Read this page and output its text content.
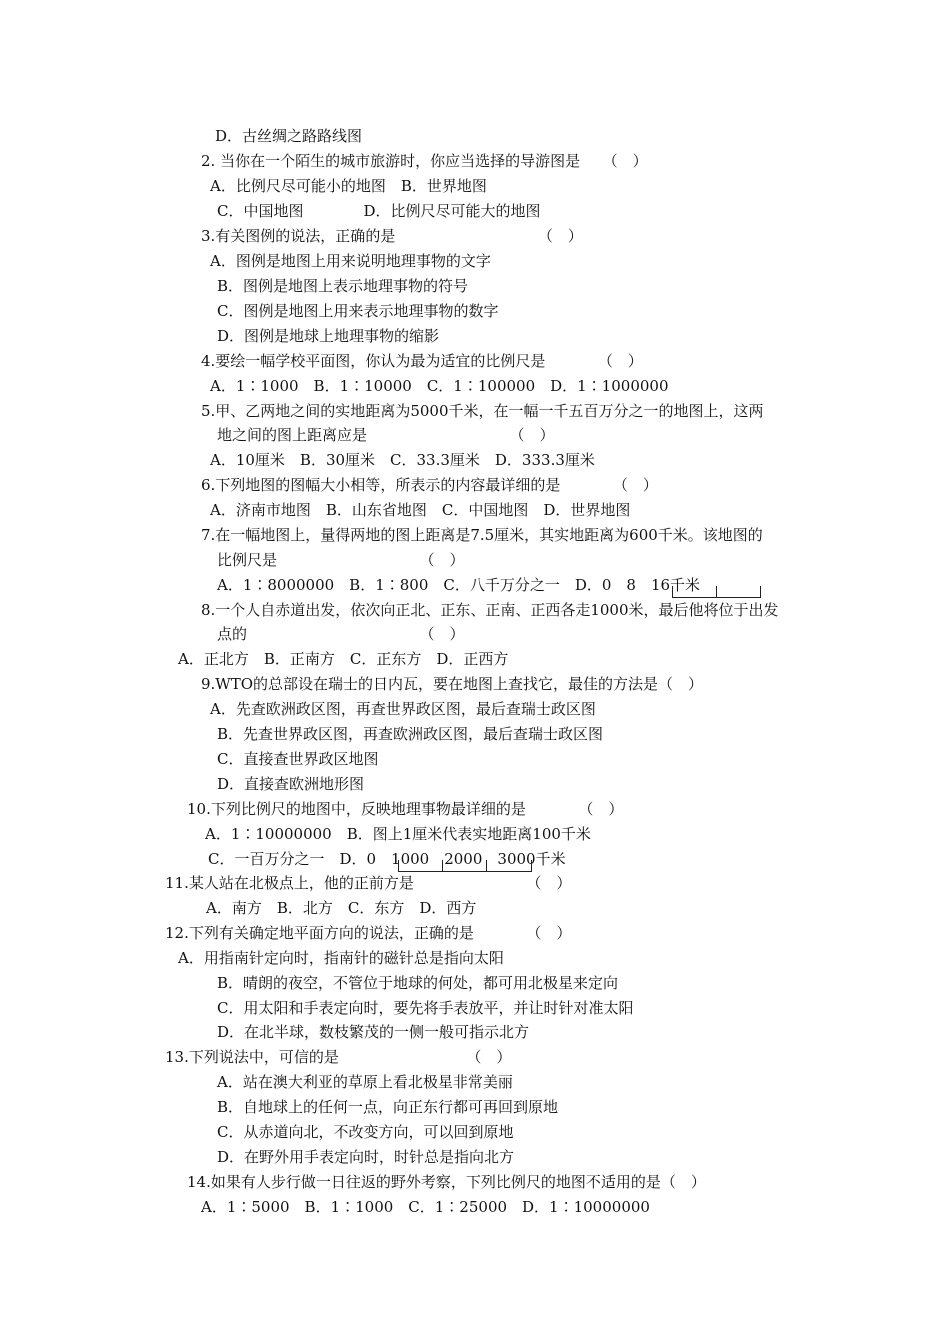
D．古丝绸之路路线图
2. 当你在一个陌生的城市旅游时，你应当选择的导游图是　　（　）
A．比例尺尽可能小的地图　B．世界地图
C．中国地图　　　　D．比例尺尽可能大的地图
3.有关图例的说法，正确的是　　　　　　　　　　（　）
A．图例是地图上用来说明地理事物的文字
B．图例是地图上表示地理事物的符号
C．图例是地图上用来表示地理事物的数字
D．图例是地球上地理事物的缩影
4.要绘一幅学校平面图，你认为最为适宜的比例尺是　　　　（　）
A．1∶1000　B．1∶10000　C．1∶100000　D．1∶1000000
5.甲、乙两地之间的实地距离为5000千米，在一幅一千五百万分之一的地图上，这两
地之间的图上距离应是　　　　　　　　　　（　）
A．10厘米　B．30厘米　C．33.3厘米　D．333.3厘米
6.下列地图的图幅大小相等，所表示的内容最详细的是　　　　（　）
A．济南市地图　B．山东省地图　C．中国地图　D．世界地图
7.在一幅地图上，量得两地的图上距离是7.5厘米，其实地距离为600千米。该地图的
比例尺是　　　　　　　　　　（　）
A．1∶8000000　B．1∶800　C．八千万分之一　D．0　8　16千米
8.一个人自赤道出发，依次向正北、正东、正南、正西各走1000米，最后他将位于出发
点的　　　　　　　　　　　　（　）
A．正北方　B．正南方　C．正东方　D．正西方
9.WTO的总部设在瑞士的日内瓦，要在地图上查找它，最佳的方法是（　）
A．先查欧洲政区图，再查世界政区图，最后查瑞士政区图
B．先查世界政区图，再查欧洲政区图，最后查瑞士政区图
C．直接查世界政区地图
D．直接查欧洲地形图
10.下列比例尺的地图中，反映地理事物最详细的是　　　　（　）
A．1∶10000000　B．图上1厘米代表实地距离100千米
C．一百万分之一　D．0　1000　2000　3000千米
11.某人站在北极点上，他的正前方是　　　　　　　　（　）
A．南方　B．北方　C．东方　D．西方
12.下列有关确定地平面方向的说法，正确的是　　　　（　）
A．用指南针定向时，指南针的磁针总是指向太阳
B．晴朗的夜空，不管位于地球的何处，都可用北极星来定向
C．用太阳和手表定向时，要先将手表放平，并让时针对准太阳
D．在北半球，数枝繁茂的一侧一般可指示北方
13.下列说法中，可信的是　　　　　　　　　（　）
A．站在澳大利亚的草原上看北极星非常美丽
B．自地球上的任何一点，向正东行都可再回到原地
C．从赤道向北，不改变方向，可以回到原地
D．在野外用手表定向时，时针总是指向北方
14.如果有人步行做一日往返的野外考察，下列比例尺的地图不适用的是（　）
A．1∶5000　B．1∶1000　C．1∶25000　D．1∶10000000
